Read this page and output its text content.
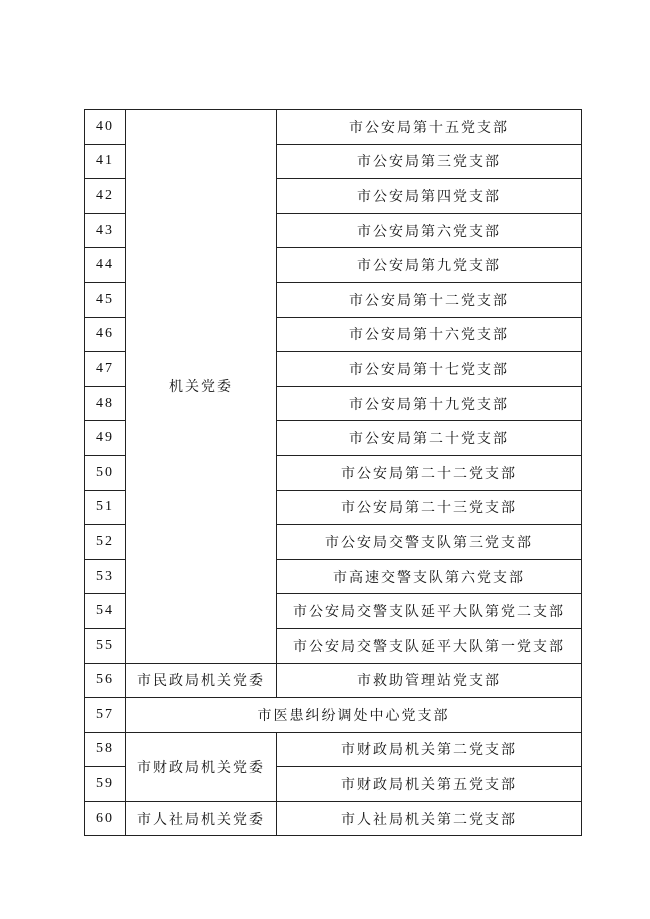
40	机关党委	市公安局第十五党支部
41		市公安局第三党支部
42		市公安局第四党支部
43		市公安局第六党支部
44		市公安局第九党支部
45		市公安局第十二党支部
46		市公安局第十六党支部
47		市公安局第十七党支部
48		市公安局第十九党支部
49		市公安局第二十党支部
50		市公安局第二十二党支部
51		市公安局第二十三党支部
52		市公安局交警支队第三党支部
53		市高速交警支队第六党支部
54		市公安局交警支队延平大队第党二支部
55		市公安局交警支队延平大队第一党支部
56	市民政局机关党委	市救助管理站党支部
57	市医患纠纷调处中心党支部	
58	市财政局机关党委	市财政局机关第二党支部
59		市财政局机关第五党支部
60	市人社局机关党委	市人社局机关第二党支部
